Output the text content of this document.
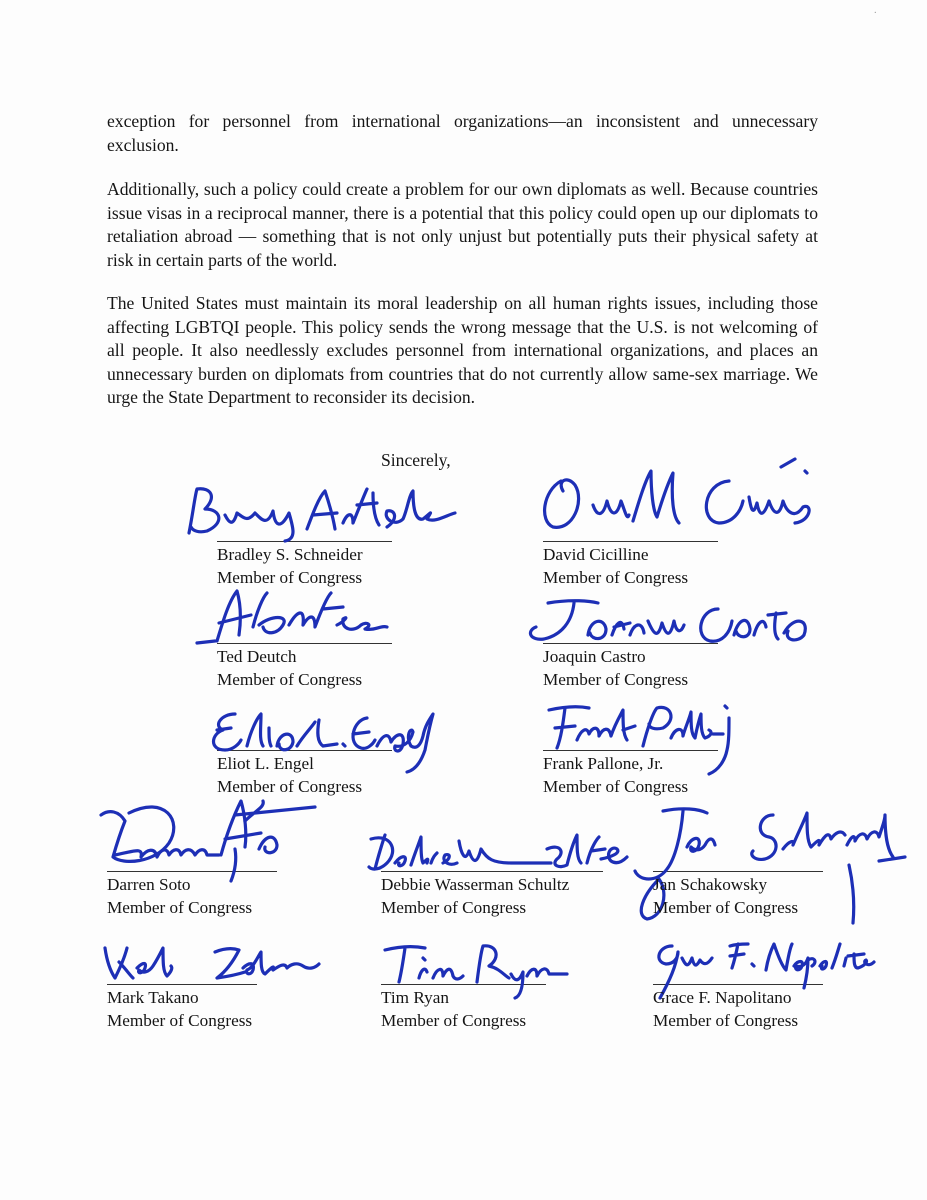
·

exception for personnel from international organizations—an inconsistent and unnecessary exclusion.

Additionally, such a policy could create a problem for our own diplomats as well. Because countries issue visas in a reciprocal manner, there is a potential that this policy could open up our diplomats to retaliation abroad — something that is not only unjust but potentially puts their physical safety at risk in certain parts of the world.

The United States must maintain its moral leadership on all human rights issues, including those affecting LGBTQI people. This policy sends the wrong message that the U.S. is not welcoming of all people. It also needlessly excludes personnel from international organizations, and places an unnecessary burden on diplomats from countries that do not currently allow same-sex marriage. We urge the State Department to reconsider its decision.

Sincerely,
Bradley S. Schneider
Member of Congress
David Cicilline
Member of Congress
Ted Deutch
Member of Congress
Joaquin Castro
Member of Congress
Eliot L. Engel
Member of Congress
Frank Pallone, Jr.
Member of Congress
Darren Soto
Member of Congress
Debbie Wasserman Schultz
Member of Congress
Jan Schakowsky
Member of Congress
Mark Takano
Member of Congress
Tim Ryan
Member of Congress
Grace F. Napolitano
Member of Congress
